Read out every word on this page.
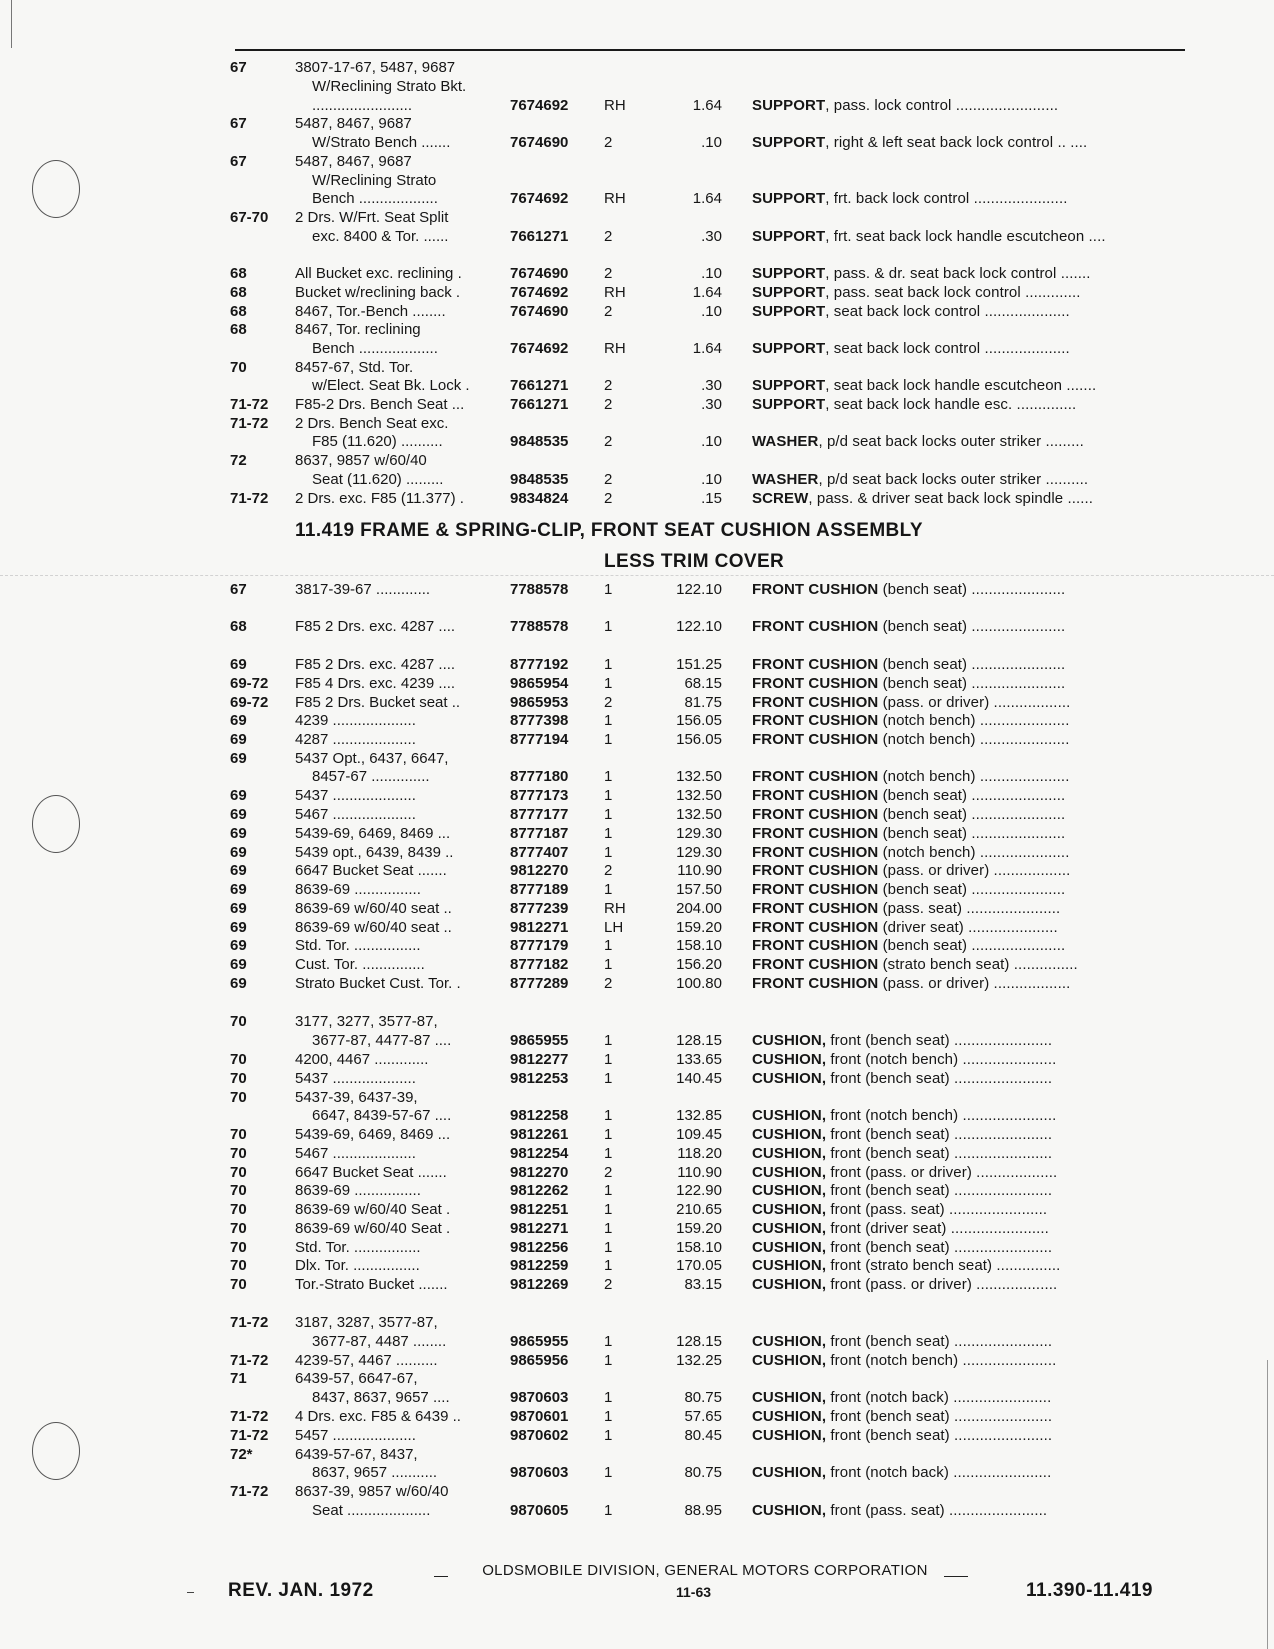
11.419 FRAME & SPRING-CLIP, FRONT SEAT CUSHION ASSEMBLY
LESS TRIM COVER
67	3807-17-67, 5487, 9687
W/Reclining Strato Bkt.
........................	7674692 RH	1.64 SUPPORT, pass. lock control ........................
67	5487, 8467, 9687
W/Strato Bench .......	7674690 2	.10 SUPPORT, right & left seat back lock control .. ....
67	5487, 8467, 9687
W/Reclining Strato
Bench ...................	7674692 RH	1.64 SUPPORT, frt. back lock control ......................
67-70 2 Drs. W/Frt. Seat Split
exc. 8400 & Tor. ......	7661271 2	.30 SUPPORT, frt. seat back lock handle escutcheon ....
68	All Bucket exc. reclining .	7674690 2	.10 SUPPORT, pass. & dr. seat back lock control .......
68	Bucket w/reclining back .	7674692 RH	1.64 SUPPORT, pass. seat back lock control .............
68	8467, Tor.-Bench ........	7674690 2	.10 SUPPORT, seat back lock control ....................
68	8467, Tor. reclining
Bench ...................	7674692 RH	1.64 SUPPORT, seat back lock control ....................
70	8457-67, Std. Tor.
w/Elect. Seat Bk. Lock .	7661271 2	.30 SUPPORT, seat back lock handle escutcheon .......
71-72 F85-2 Drs. Bench Seat ...	7661271 2	.30 SUPPORT, seat back lock handle esc. ..............
71-72 2 Drs. Bench Seat exc.
F85 (11.620) ..........	9848535 2	.10 WASHER, p/d seat back locks outer striker .........
72	8637, 9857 w/60/40
Seat (11.620) .........	9848535 2	.10 WASHER, p/d seat back locks outer striker ..........
71-72 2 Drs. exc. F85 (11.377) .	9834824 2	.15 SCREW, pass. & driver seat back lock spindle ......
67	3817-39-67 .............	7788578 1	122.10 FRONT CUSHION (bench seat) ......................
68	F85 2 Drs. exc. 4287 ....	7788578 1	122.10 FRONT CUSHION (bench seat) ......................
69	F85 2 Drs. exc. 4287 ....	8777192 1	151.25 FRONT CUSHION (bench seat) ......................
69-72 F85 4 Drs. exc. 4239 ....	9865954 1	68.15 FRONT CUSHION (bench seat) ......................
69-72 F85 2 Drs. Bucket seat ..	9865953 2	81.75 FRONT CUSHION (pass. or driver) ..................
69	4239 ....................	8777398 1	156.05 FRONT CUSHION (notch bench) .....................
69	4287 ....................	8777194 1	156.05 FRONT CUSHION (notch bench) .....................
69	5437 Opt., 6437, 6647,
8457-67 ..............	8777180 1	132.50 FRONT CUSHION (notch bench) .....................
69	5437 ....................	8777173 1	132.50 FRONT CUSHION (bench seat) ......................
69	5467 ....................	8777177 1	132.50 FRONT CUSHION (bench seat) ......................
69	5439-69, 6469, 8469 ...	8777187 1	129.30 FRONT CUSHION (bench seat) ......................
69	5439 opt., 6439, 8439 ..	8777407 1	129.30 FRONT CUSHION (notch bench) .....................
69	6647 Bucket Seat .......	9812270 2	110.90 FRONT CUSHION (pass. or driver) ..................
69	8639-69 ................	8777189 1	157.50 FRONT CUSHION (bench seat) ......................
69	8639-69 w/60/40 seat ..	8777239 RH	204.00 FRONT CUSHION (pass. seat) ......................
69	8639-69 w/60/40 seat ..	9812271 LH	159.20 FRONT CUSHION (driver seat) .....................
69	Std. Tor. ................	8777179 1	158.10 FRONT CUSHION (bench seat) ......................
69	Cust. Tor. ...............	8777182 1	156.20 FRONT CUSHION (strato bench seat) ...............
69	Strato Bucket Cust. Tor. .	8777289 2	100.80 FRONT CUSHION (pass. or driver) ..................
70	3177, 3277, 3577-87,
3677-87, 4477-87 ....	9865955 1	128.15 CUSHION, front (bench seat) .......................
70	4200, 4467 .............	9812277 1	133.65 CUSHION, front (notch bench) ......................
70	5437 ....................	9812253 1	140.45 CUSHION, front (bench seat) .......................
70	5437-39, 6437-39,
6647, 8439-57-67 ....	9812258 1	132.85 CUSHION, front (notch bench) ......................
70	5439-69, 6469, 8469 ...	9812261 1	109.45 CUSHION, front (bench seat) .......................
70	5467 ....................	9812254 1	118.20 CUSHION, front (bench seat) .......................
70	6647 Bucket Seat .......	9812270 2	110.90 CUSHION, front (pass. or driver) ...................
70	8639-69 ................	9812262 1	122.90 CUSHION, front (bench seat) .......................
70	8639-69 w/60/40 Seat .	9812251 1	210.65 CUSHION, front (pass. seat) .......................
70	8639-69 w/60/40 Seat .	9812271 1	159.20 CUSHION, front (driver seat) .......................
70	Std. Tor. ................	9812256 1	158.10 CUSHION, front (bench seat) .......................
70	Dlx. Tor. ................	9812259 1	170.05 CUSHION, front (strato bench seat) ...............
70	Tor.-Strato Bucket .......	9812269 2	83.15 CUSHION, front (pass. or driver) ...................
71-72 3187, 3287, 3577-87,
3677-87, 4487 ........	9865955 1	128.15 CUSHION, front (bench seat) .......................
71-72 4239-57, 4467 ..........	9865956 1	132.25 CUSHION, front (notch bench) ......................
71	6439-57, 6647-67,
8437, 8637, 9657 ....	9870603 1	80.75 CUSHION, front (notch back) .......................
71-72 4 Drs. exc. F85 & 6439 ..	9870601 1	57.65 CUSHION, front (bench seat) .......................
71-72 5457 ....................	9870602 1	80.45 CUSHION, front (bench seat) .......................
72*	6439-57-67, 8437,
8637, 9657 ...........	9870603 1	80.75 CUSHION, front (notch back) .......................
71-72 8637-39, 9857 w/60/40
Seat ....................	9870605 1	88.95 CUSHION, front (pass. seat) .......................
OLDSMOBILE DIVISION, GENERAL MOTORS CORPORATION
REV. JAN. 1972	11-63	11.390-11.419
